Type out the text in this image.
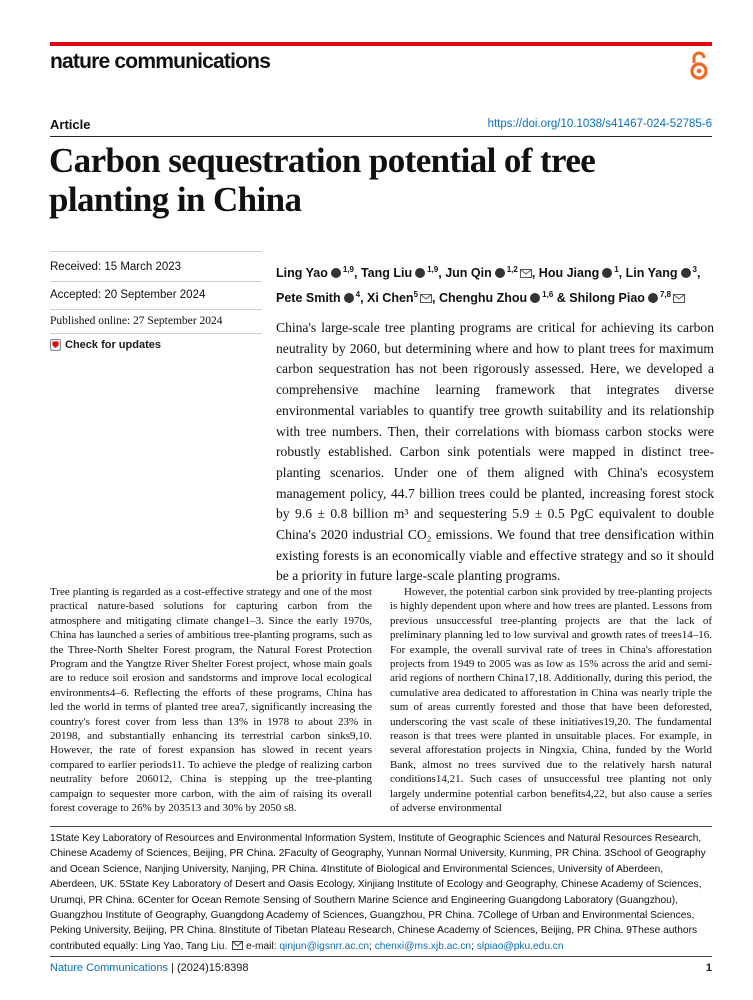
nature communications
Article	https://doi.org/10.1038/s41467-024-52785-6
Carbon sequestration potential of tree planting in China
Received: 15 March 2023
Accepted: 20 September 2024
Published online: 27 September 2024
Check for updates
Ling Yao $^{1,9}$, Tang Liu $^{1,9}$, Jun Qin $^{1,2}$ , Hou Jiang $^1$, Lin Yang $^3$,
Pete Smith $^4$, Xi Chen$^5$ , Chenghu Zhou $^{1,6}$ & Shilong Piao $^{7,8}$

China's large-scale tree planting programs are critical for achieving its carbon neutrality by 2060, but determining where and how to plant trees for maximum carbon sequestration has not been rigorously assessed. Here, we developed a comprehensive machine learning framework that integrates diverse environmental variables to quantify tree growth suitability and its relationship with tree numbers. Then, their correlations with biomass carbon stocks were robustly established. Carbon sink potentials were mapped in distinct tree-planting scenarios. Under one of them aligned with China's ecosystem management policy, 44.7 billion trees could be planted, increasing forest stock by 9.6 ± 0.8 billion m³ and sequestering 5.9 ± 0.5 PgC equivalent to double China's 2020 industrial CO₂ emissions. We found that tree densification within existing forests is an economically viable and effective strategy and so it should be a priority in future large-scale planting programs.

Tree planting is regarded as a cost-effective strategy and one of the most practical nature-based solutions for capturing carbon from the atmosphere and mitigating climate change1–3. Since the early 1970s, China has launched a series of ambitious tree-planting programs, such as the Three-North Shelter Forest program, the Natural Forest Protection Program and the Yangtze River Shelter Forest project, whose main goals are to reduce soil erosion and sandstorms and improve local ecological environments4–6. Reflecting the efforts of these programs, China has led the world in terms of planted tree area7, significantly increasing the country's forest cover from less than 13% in 1978 to about 23% in 20198, and substantially enhancing its terrestrial carbon sinks9,10. However, the rate of forest expansion has slowed in recent years compared to earlier periods11. To achieve the pledge of realizing carbon neutrality before 206012, China is stepping up the tree-planting campaign to sequester more carbon, with the aim of raising its overall forest coverage to 26% by 203513 and 30% by 2050 s8.
However, the potential carbon sink provided by tree-planting projects is highly dependent upon where and how trees are planted. Lessons from previous unsuccessful tree-planting projects are that the lack of preliminary planning led to low survival and growth rates of trees14–16. For example, the overall survival rate of trees in China's afforestation projects from 1949 to 2005 was as low as 15% across the arid and semi-arid regions of northern China17,18. Additionally, during this period, the cumulative area dedicated to afforestation in China was nearly triple the sum of areas currently forested and those that have been deforested, underscoring the vast scale of these initiatives19,20. The fundamental reason is that trees were planted in unsuitable places. For example, in several afforestation projects in Ningxia, China, funded by the World Bank, almost no trees survived due to the relatively harsh natural conditions14,21. Such cases of unsuccessful tree planting not only largely undermine potential carbon benefits4,22, but also cause a series of adverse environmental
1State Key Laboratory of Resources and Environmental Information System, Institute of Geographic Sciences and Natural Resources Research, Chinese Academy of Sciences, Beijing, PR China. 2Faculty of Geography, Yunnan Normal University, Kunming, PR China. 3School of Geography and Ocean Science, Nanjing University, Nanjing, PR China. 4Institute of Biological and Environmental Sciences, University of Aberdeen, Aberdeen, UK. 5State Key Laboratory of Desert and Oasis Ecology, Xinjiang Institute of Ecology and Geography, Chinese Academy of Sciences, Urumqi, PR China. 6Center for Ocean Remote Sensing of Southern Marine Science and Engineering Guangdong Laboratory (Guangzhou), Guangzhou Institute of Geography, Guangdong Academy of Sciences, Guangzhou, PR China. 7College of Urban and Environmental Sciences, Peking University, Beijing, PR China. 8Institute of Tibetan Plateau Research, Chinese Academy of Sciences, Beijing, PR China. 9These authors contributed equally: Ling Yao, Tang Liu. e-mail: qinjun@igsnrr.ac.cn; chenxi@ms.xjb.ac.cn; slpiao@pku.edu.cn
Nature Communications | (2024)15:8398	1
